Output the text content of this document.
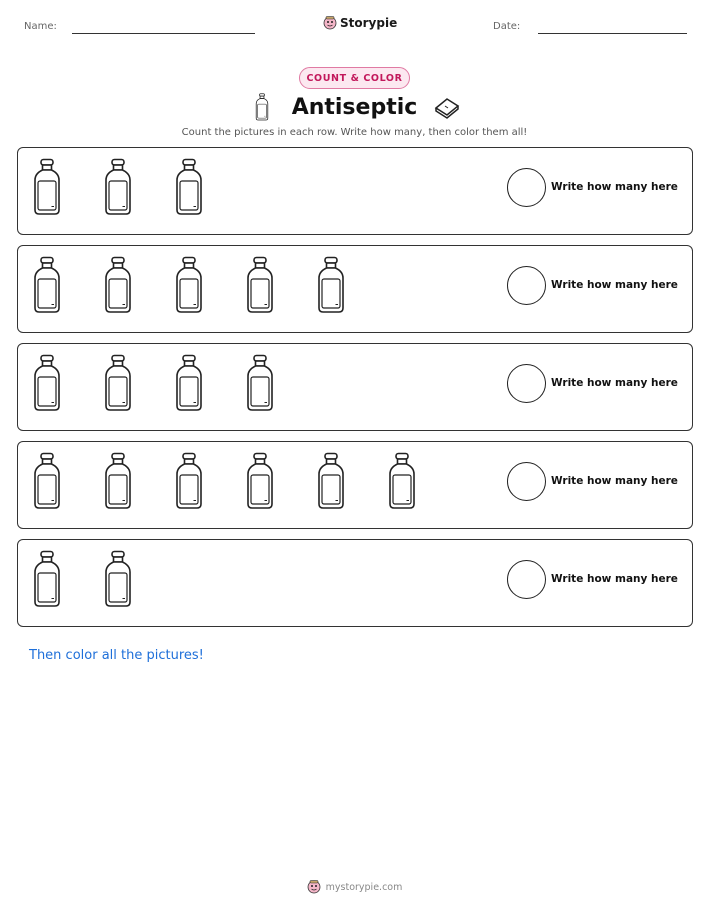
Name:	Storypie	Date:
COUNT & COLOR
Antiseptic
Count the pictures in each row. Write how many, then color them all!
Write how many here
Write how many here
Write how many here
Write how many here
Write how many here
Then color all the pictures!
mystorypie.com
